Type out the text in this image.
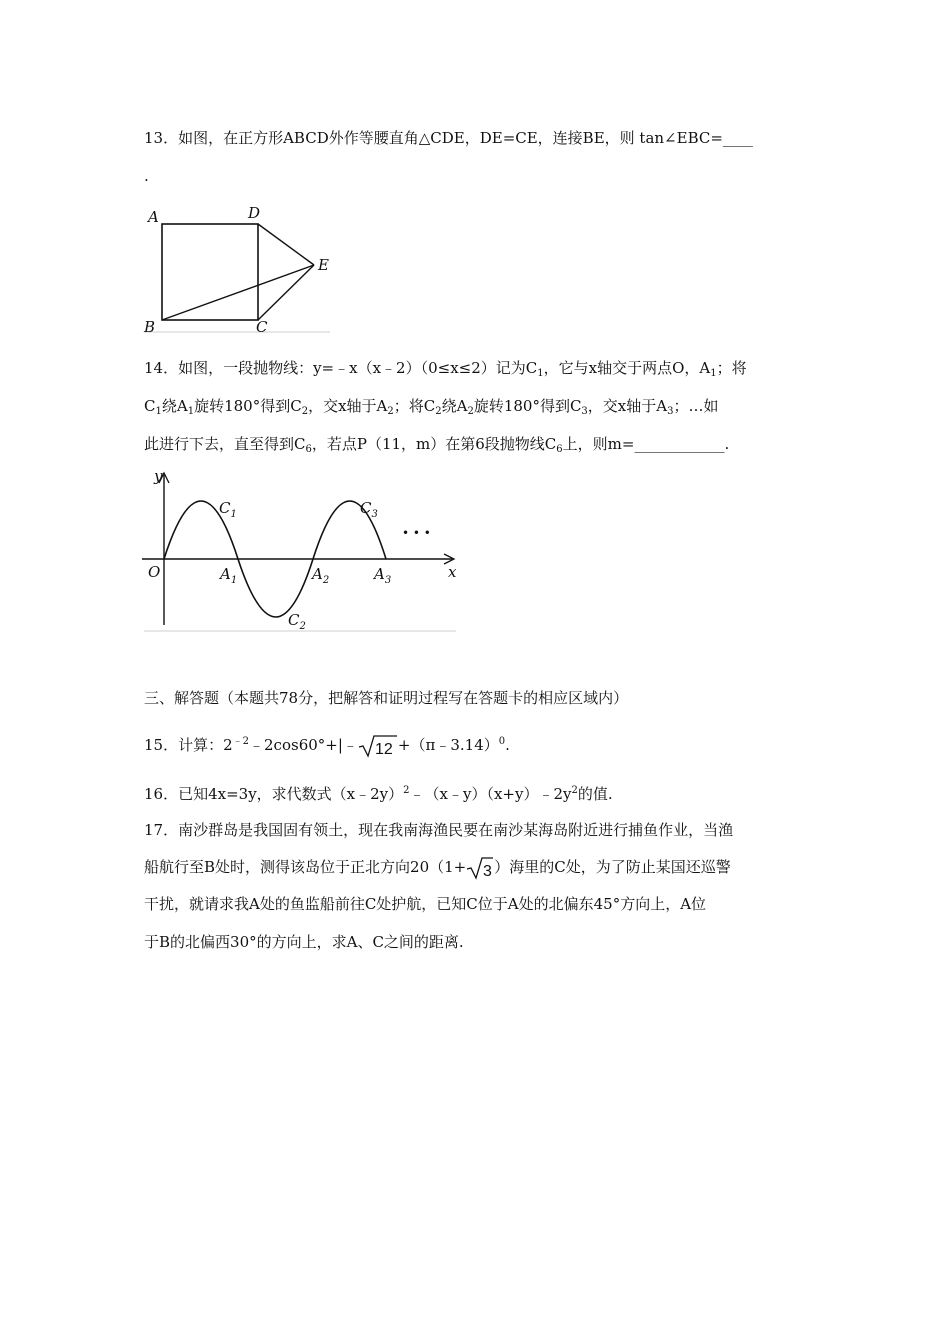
13．如图，在正方形ABCD外作等腰直角△CDE，DE=CE，连接BE，则 tan∠EBC=____
.
A	D
E
B	C
14．如图，一段抛物线：y=﹣x（x﹣2）（0≤x≤2）记为$C_1$，它与x轴交于两点O，$A_1$；将
$C_1$绕$A_1$旋转180°得到$C_2$，交x轴于$A_2$；将$C_2$绕$A_2$旋转180°得到$C_3$，交x轴于$A_3$；…如
此进行下去，直至得到$C_6$，若点P（11，m）在第6段抛物线$C_6$上，则m=____________.
y
x
O
$C_1$
$C_2$
$C_3$
$A_1$	$A_2$	$A_3$
• • •
三、解答题（本题共78分，把解答和证明过程写在答题卡的相应区域内）
15．计算：$2^{﹣2}﹣2\cos 60^\circ+|﹣$ 12 +（π﹣3.14）$^0$.
16．已知4x=3y，求代数式$(x﹣2y)^2﹣(x﹣y)(x+y)﹣2y^2$的值.
17．南沙群岛是我国固有领土，现在我南海渔民要在南沙某海岛附近进行捕鱼作业，当渔
船航行至B处时，测得该岛位于正北方向20（1+ 3 ）海里的C处，为了防止某国还巡警
干扰，就请求我A处的鱼监船前往C处护航，已知C位于A处的北偏东45°方向上，A位
于B的北偏西30°的方向上，求A、C之间的距离.
